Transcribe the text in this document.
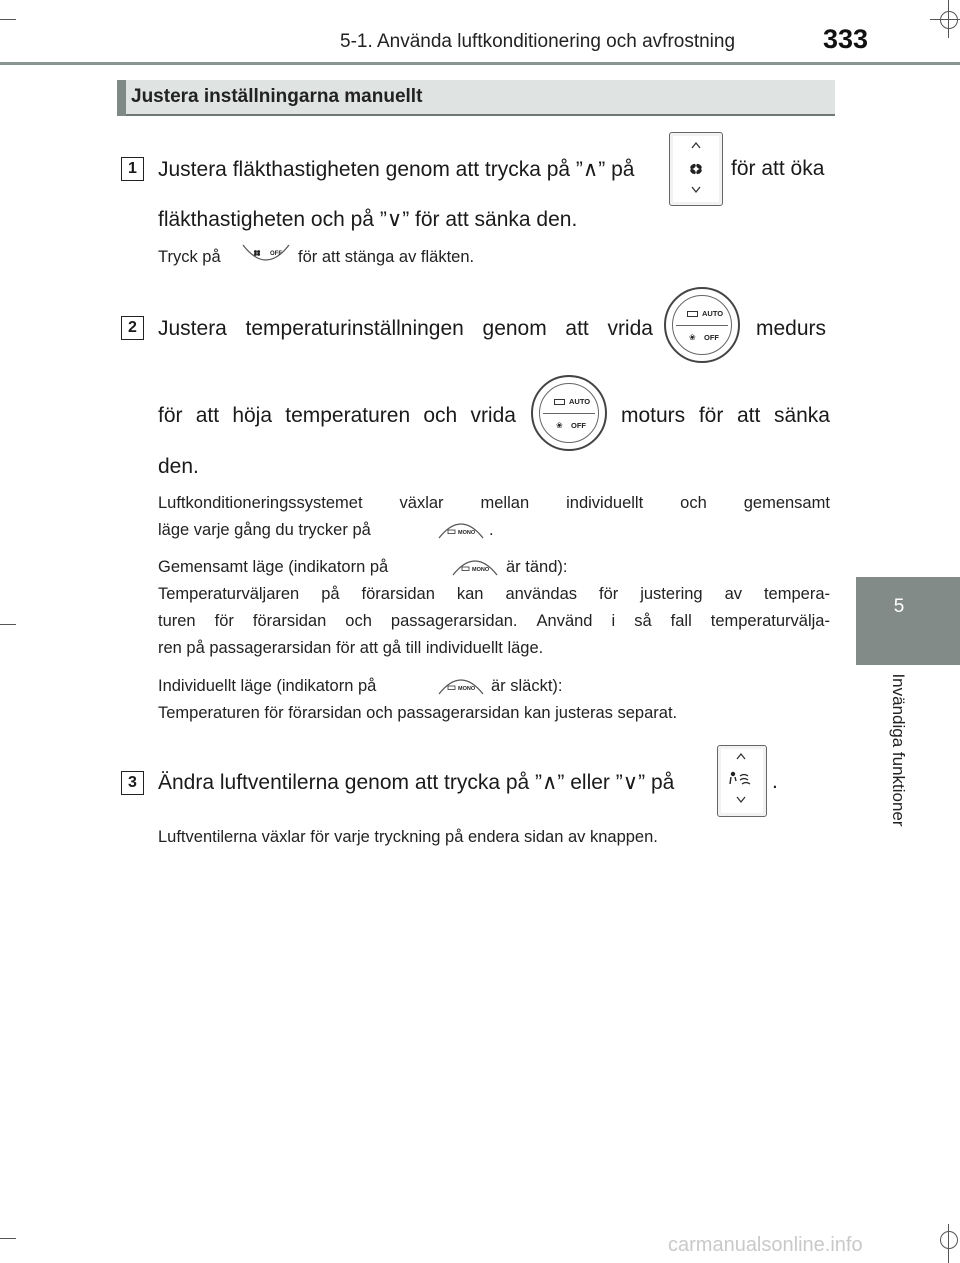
5-1. Använda luftkonditionering och avfrostning	333
5
Invändiga funktioner
Justera inställningarna manuellt
1	Justera fläkthastigheten genom att trycka på ”∧” på	för att öka
fläkthastigheten och på ”∨” för att sänka den.
Tryck på	OFF för att stänga av fläkten.
2	Justera temperaturinställningen genom att vrida
AUTO
❀ OFF medurs
för att höja temperaturen och vrida
AUTO
❀ OFF moturs för att sänka
den.
Luftkonditioneringssystemet växlar mellan individuellt och gemensamt
läge varje gång du trycker på	MONO .
Gemensamt läge (indikatorn på	MONO är tänd):
Temperaturväljaren på förarsidan kan användas för justering av tempera-
turen för förarsidan och passagerarsidan. Använd i så fall temperaturvälja-
ren på passagerarsidan för att gå till individuellt läge.
Individuellt läge (indikatorn på	MONO är släckt):
Temperaturen för förarsidan och passagerarsidan kan justeras separat.
3	Ändra luftventilerna genom att trycka på ”∧” eller ”∨” på	.
Luftventilerna växlar för varje tryckning på endera sidan av knappen.
carmanualsonline.info
